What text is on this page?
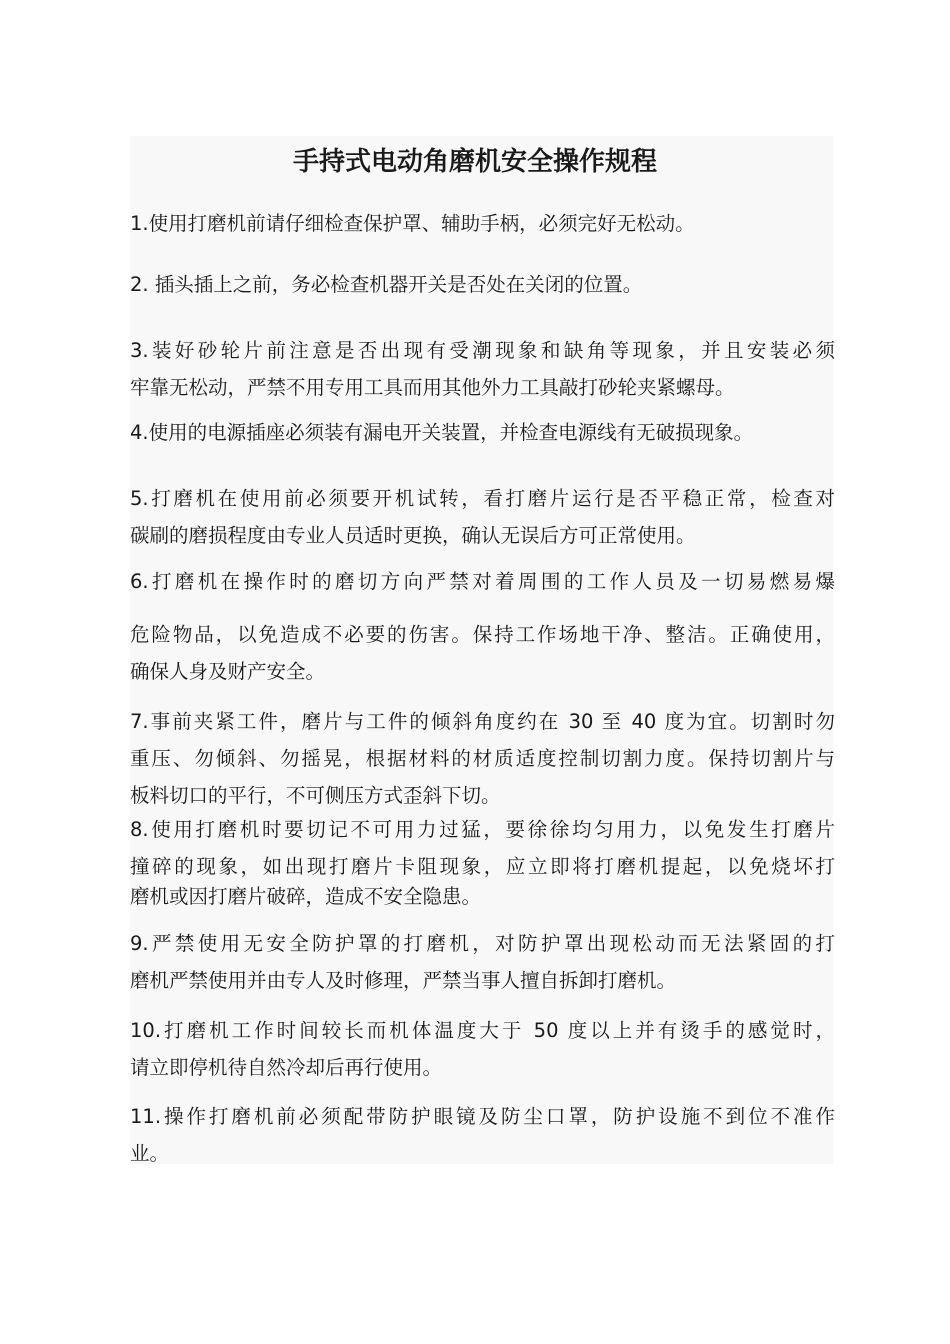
手持式电动角磨机安全操作规程
1.使用打磨机前请仔细检查保护罩、辅助手柄，必须完好无松动。
2. 插头插上之前，务必检查机器开关是否处在关闭的位置。
3.装好砂轮片前注意是否出现有受潮现象和缺角等现象，并且安装必须
牢靠无松动，严禁不用专用工具而用其他外力工具敲打砂轮夹紧螺母。
4.使用的电源插座必须装有漏电开关装置，并检查电源线有无破损现象。
5.打磨机在使用前必须要开机试转，看打磨片运行是否平稳正常，检查对
碳刷的磨损程度由专业人员适时更换，确认无误后方可正常使用。
6.打磨机在操作时的磨切方向严禁对着周围的工作人员及一切易燃易爆
危险物品，以免造成不必要的伤害。保持工作场地干净、整洁。正确使用，
确保人身及财产安全。
7.事前夹紧工件，磨片与工件的倾斜角度约在 30 至 40 度为宜。切割时勿
重压、勿倾斜、勿摇晃，根据材料的材质适度控制切割力度。保持切割片与
板料切口的平行，不可侧压方式歪斜下切。
8.使用打磨机时要切记不可用力过猛，要徐徐均匀用力，以免发生打磨片
撞碎的现象，如出现打磨片卡阻现象，应立即将打磨机提起，以免烧坏打
磨机或因打磨片破碎，造成不安全隐患。
9.严禁使用无安全防护罩的打磨机，对防护罩出现松动而无法紧固的打
磨机严禁使用并由专人及时修理，严禁当事人擅自拆卸打磨机。
10.打磨机工作时间较长而机体温度大于 50 度以上并有烫手的感觉时，
请立即停机待自然冷却后再行使用。
11.操作打磨机前必须配带防护眼镜及防尘口罩，防护设施不到位不准作
业。
